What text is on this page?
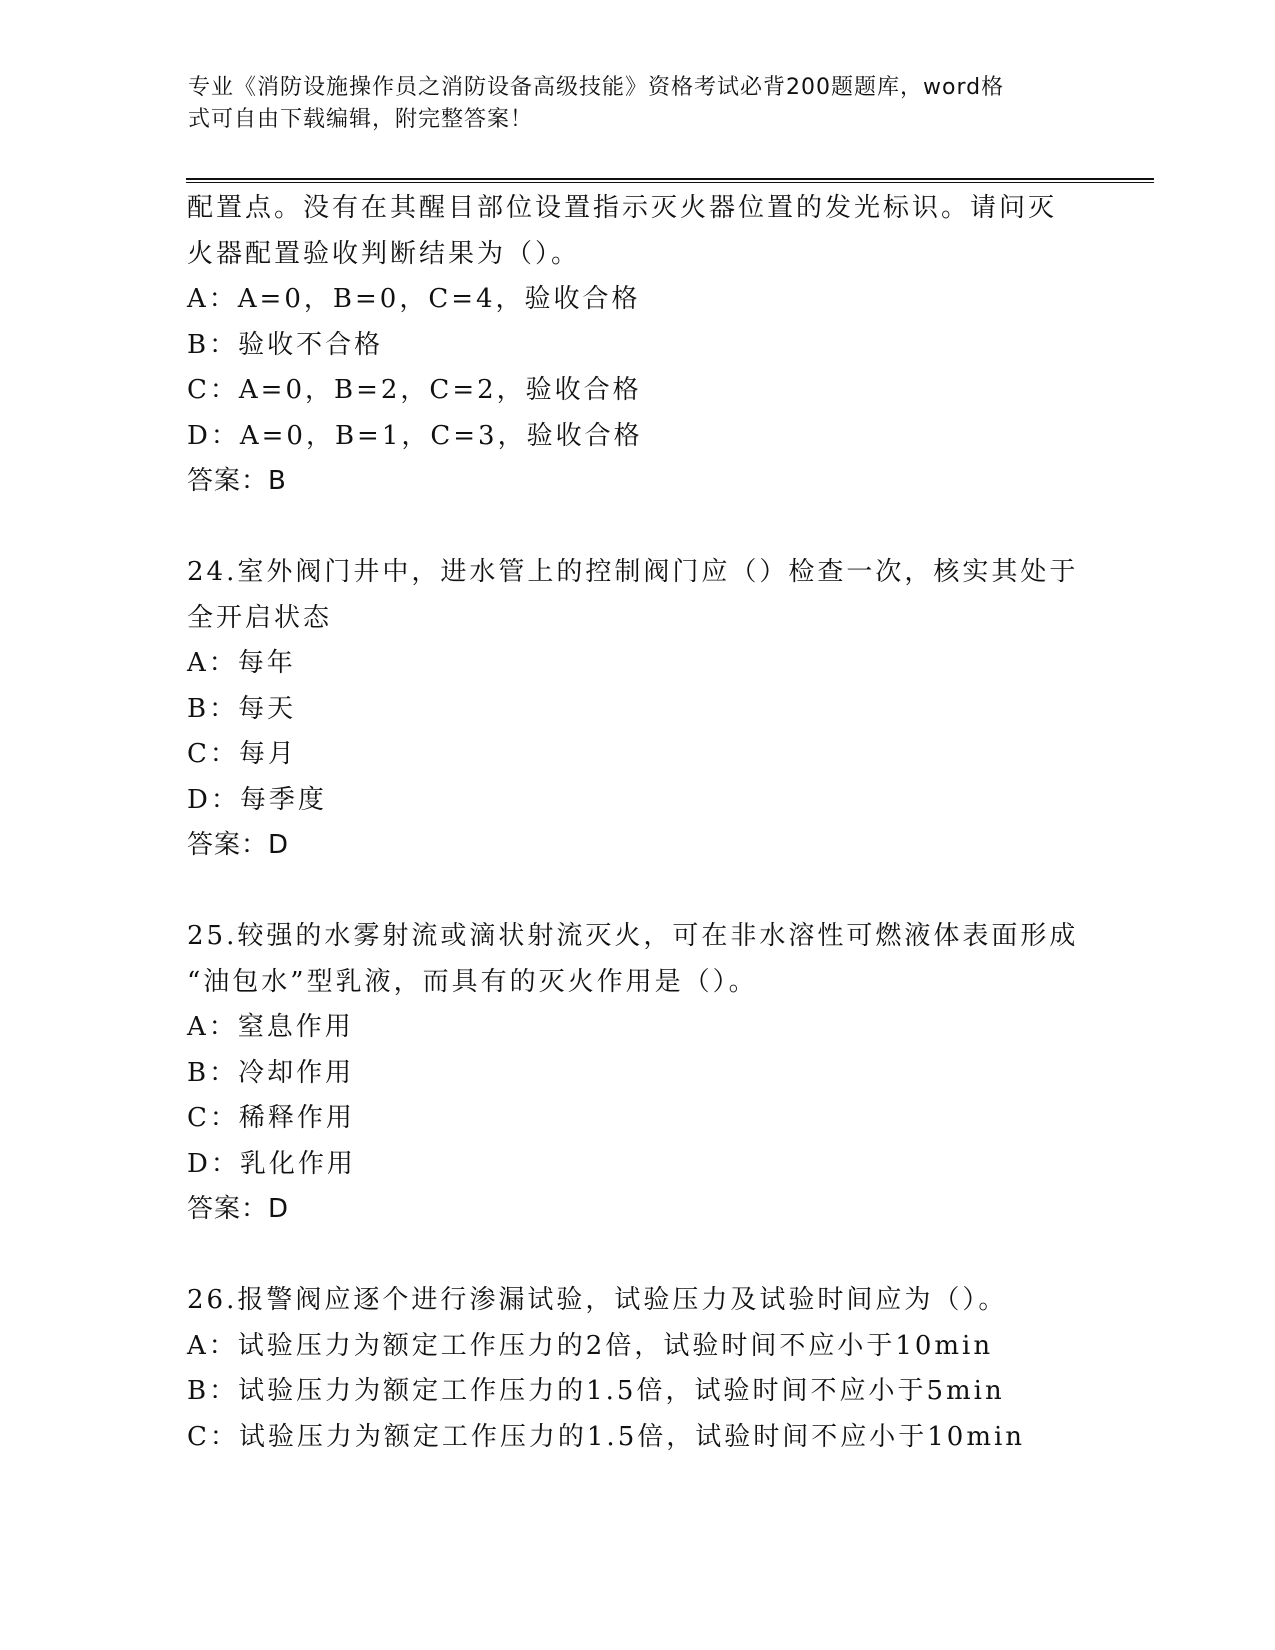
专业《消防设施操作员之消防设备高级技能》资格考试必背200题题库，word格
式可自由下载编辑，附完整答案！
配置点。没有在其醒目部位设置指示灭火器位置的发光标识。请问灭
火器配置验收判断结果为（）。
A：A=0，B=0，C=4，验收合格
B：验收不合格
C：A=0，B=2，C=2，验收合格
D：A=0，B=1，C=3，验收合格
答案：B
24.室外阀门井中，进水管上的控制阀门应（）检查一次，核实其处于
全开启状态
A：每年
B：每天
C：每月
D：每季度
答案：D
25.较强的水雾射流或滴状射流灭火，可在非水溶性可燃液体表面形成
“油包水”型乳液，而具有的灭火作用是（）。
A：窒息作用
B：冷却作用
C：稀释作用
D：乳化作用
答案：D
26.报警阀应逐个进行渗漏试验，试验压力及试验时间应为（）。
A：试验压力为额定工作压力的2倍，试验时间不应小于10min
B：试验压力为额定工作压力的1.5倍，试验时间不应小于5min
C：试验压力为额定工作压力的1.5倍，试验时间不应小于10min
